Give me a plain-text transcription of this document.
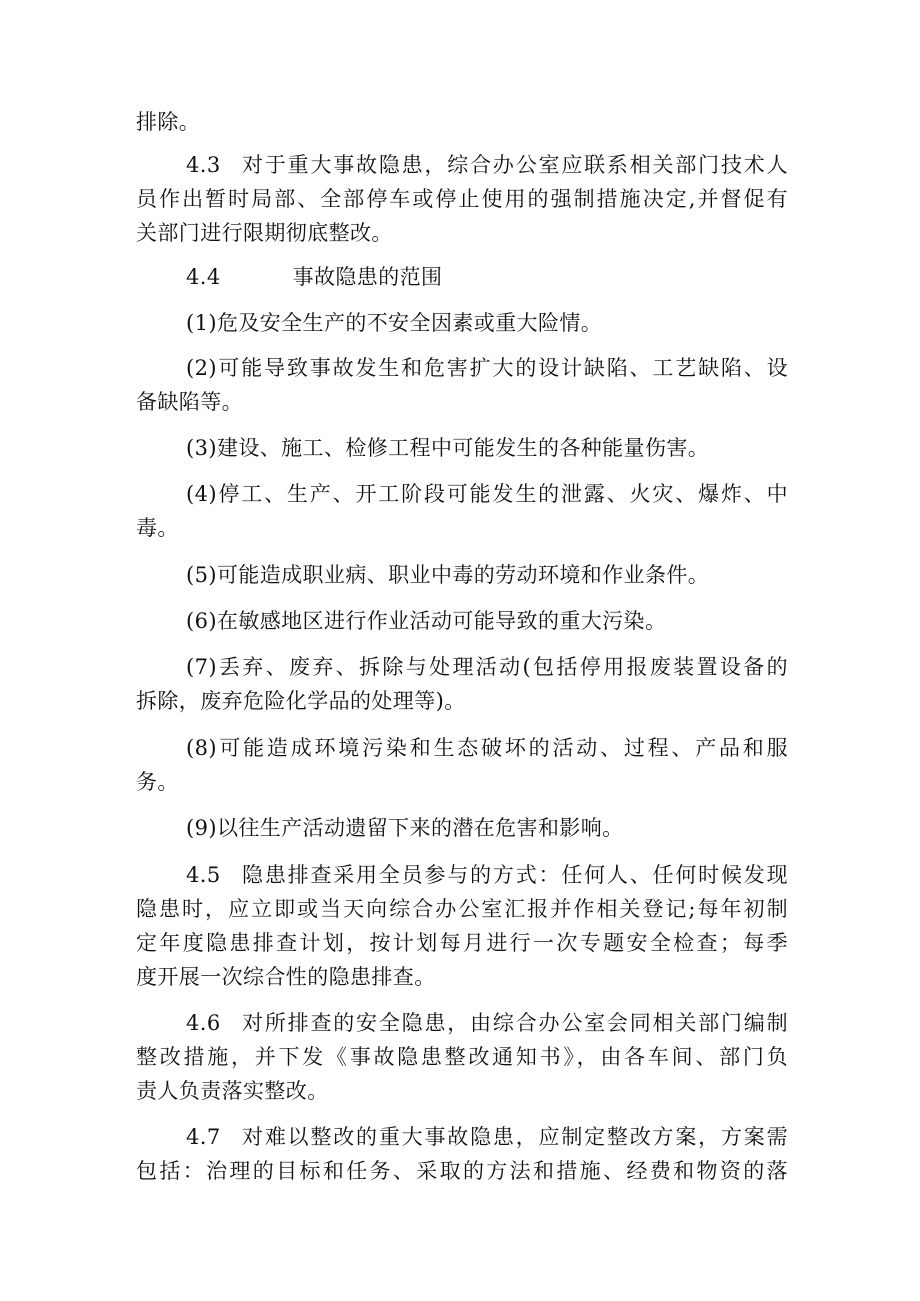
排除。
4.3 对于重大事故隐患，综合办公室应联系相关部门技术人
员作出暂时局部、全部停车或停止使用的强制措施决定,并督促有
关部门进行限期彻底整改。
4.4	事故隐患的范围
(1)危及安全生产的不安全因素或重大险情。
(2)可能导致事故发生和危害扩大的设计缺陷、工艺缺陷、设
备缺陷等。
(3)建设、施工、检修工程中可能发生的各种能量伤害。
(4)停工、生产、开工阶段可能发生的泄露、火灾、爆炸、中
毒。
(5)可能造成职业病、职业中毒的劳动环境和作业条件。
(6)在敏感地区进行作业活动可能导致的重大污染。
(7)丢弃、废弃、拆除与处理活动(包括停用报废装置设备的
拆除，废弃危险化学品的处理等)。
(8)可能造成环境污染和生态破坏的活动、过程、产品和服
务。
(9)以往生产活动遗留下来的潜在危害和影响。
4.5 隐患排查采用全员参与的方式：任何人、任何时候发现
隐患时，应立即或当天向综合办公室汇报并作相关登记;每年初制
定年度隐患排查计划，按计划每月进行一次专题安全检查；每季
度开展一次综合性的隐患排查。
4.6 对所排查的安全隐患，由综合办公室会同相关部门编制
整改措施，并下发《事故隐患整改通知书》，由各车间、部门负
责人负责落实整改。
4.7 对难以整改的重大事故隐患，应制定整改方案，方案需
包括：治理的目标和任务、采取的方法和措施、经费和物资的落
